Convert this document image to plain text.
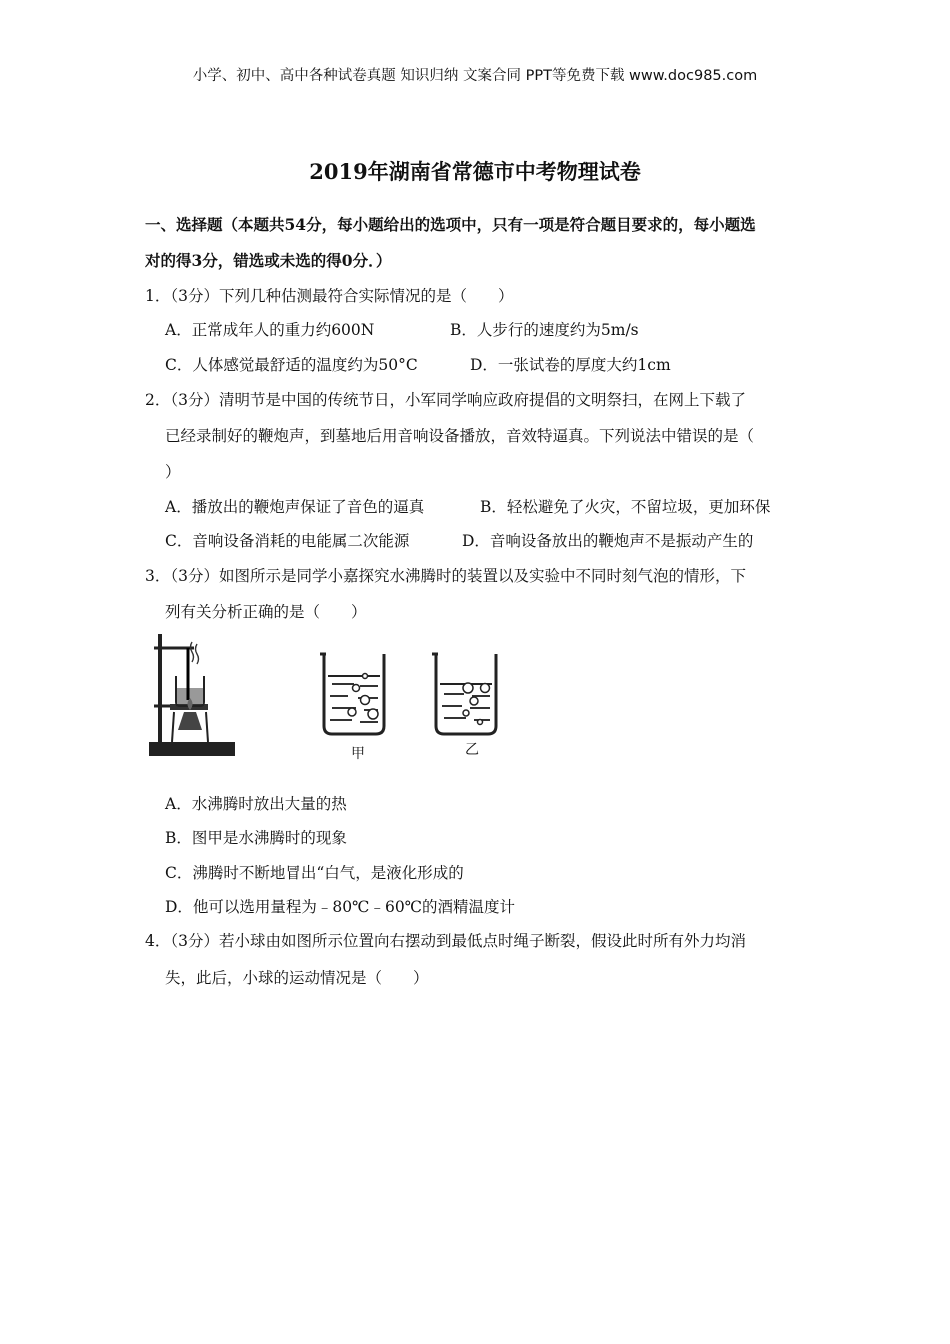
小学、初中、高中各种试卷真题 知识归纳 文案合同 PPT等免费下载 www.doc985.com
2019年湖南省常德市中考物理试卷
一、选择题（本题共54分，每小题给出的选项中，只有一项是符合题目要求的，每小题选
对的得3分，错选或未选的得0分．）
1．（3分）下列几种估测最符合实际情况的是（　　）
A．正常成年人的重力约600N	B．人步行的速度约为5m/s
C．人体感觉最舒适的温度约为50°C	D．一张试卷的厚度大约1cm
2．（3分）清明节是中国的传统节日，小军同学响应政府提倡的文明祭扫，在网上下载了
已经录制好的鞭炮声，到墓地后用音响设备播放，音效特逼真。下列说法中错误的是（
）
A．播放出的鞭炮声保证了音色的逼真	B．轻松避免了火灾，不留垃圾，更加环保
C．音响设备消耗的电能属二次能源	D．音响设备放出的鞭炮声不是振动产生的
3．（3分）如图所示是同学小嘉探究水沸腾时的装置以及实验中不同时刻气泡的情形，下
列有关分析正确的是（　　）
甲	乙
A．水沸腾时放出大量的热
B．图甲是水沸腾时的现象
C．沸腾时不断地冒出“白气，是液化形成的
D．他可以选用量程为﹣80℃﹣60℃的酒精温度计
4．（3分）若小球由如图所示位置向右摆动到最低点时绳子断裂，假设此时所有外力均消
失，此后，小球的运动情况是（　　）
